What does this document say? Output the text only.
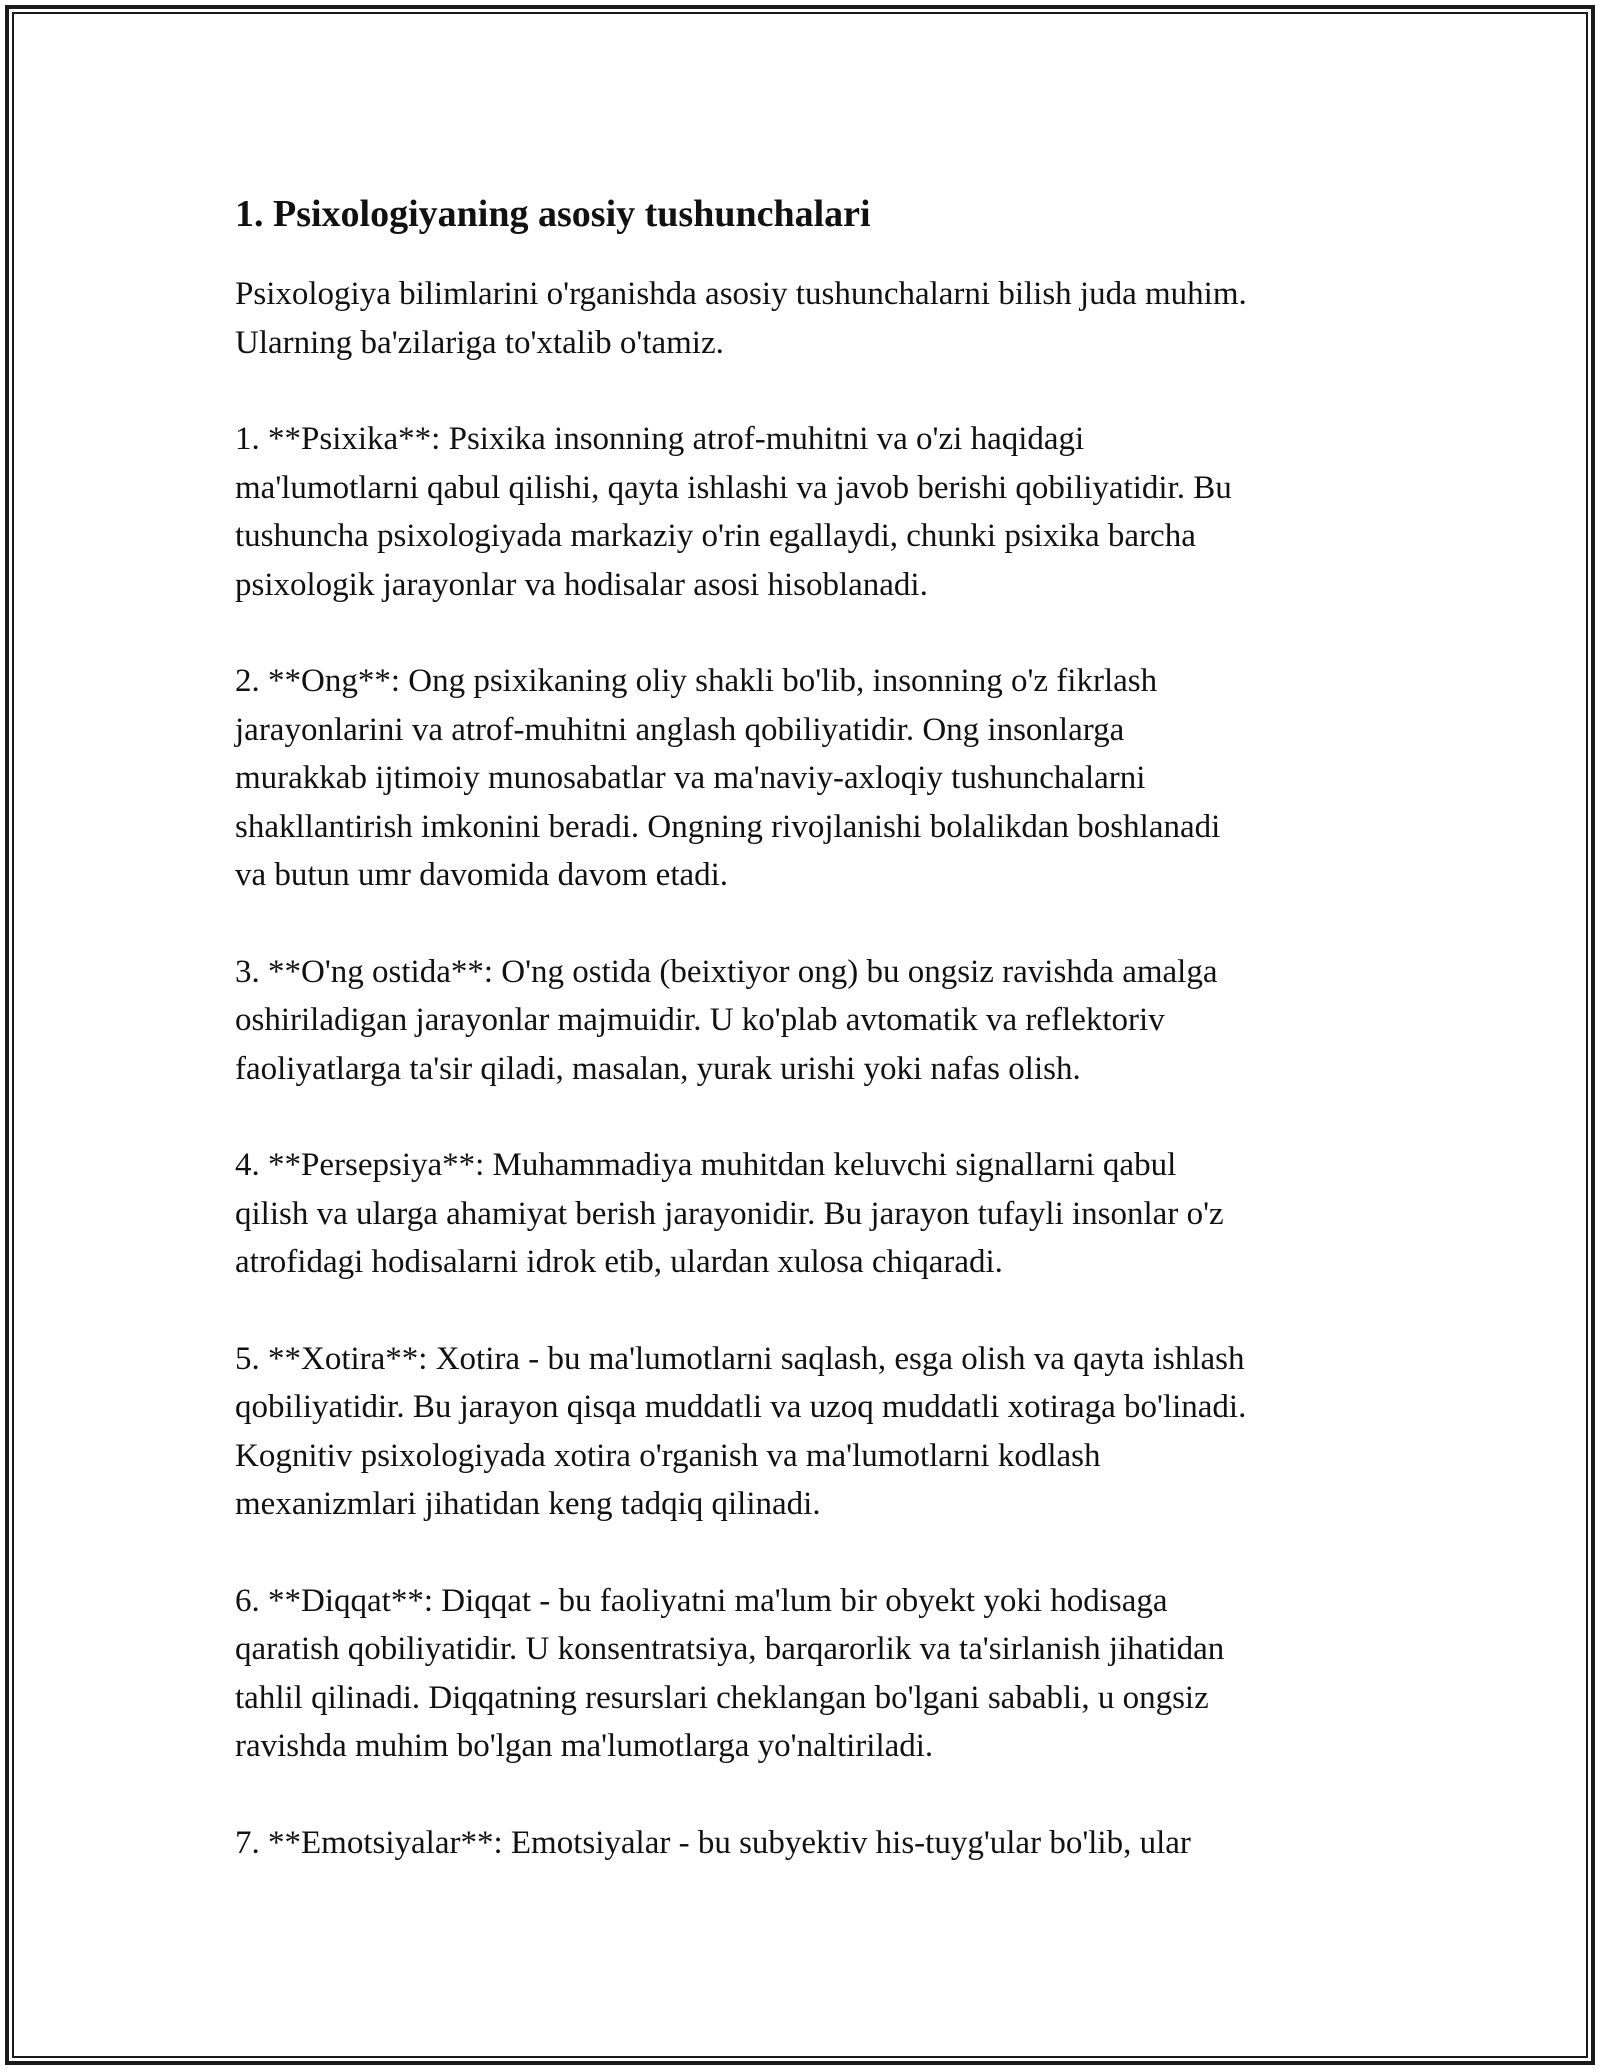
1. Psixologiyaning asosiy tushunchalari

Psixologiya bilimlarini o'rganishda asosiy tushunchalarni bilish juda muhim.
Ularning ba'zilariga to'xtalib o'tamiz.

1. **Psixika**: Psixika insonning atrof-muhitni va o'zi haqidagi
ma'lumotlarni qabul qilishi, qayta ishlashi va javob berishi qobiliyatidir. Bu
tushuncha psixologiyada markaziy o'rin egallaydi, chunki psixika barcha
psixologik jarayonlar va hodisalar asosi hisoblanadi.

2. **Ong**: Ong psixikaning oliy shakli bo'lib, insonning o'z fikrlash
jarayonlarini va atrof-muhitni anglash qobiliyatidir. Ong insonlarga
murakkab ijtimoiy munosabatlar va ma'naviy-axloqiy tushunchalarni
shakllantirish imkonini beradi. Ongning rivojlanishi bolalikdan boshlanadi
va butun umr davomida davom etadi.

3. **O'ng ostida**: O'ng ostida (beixtiyor ong) bu ongsiz ravishda amalga
oshiriladigan jarayonlar majmuidir. U ko'plab avtomatik va reflektoriv
faoliyatlarga ta'sir qiladi, masalan, yurak urishi yoki nafas olish.

4. **Persepsiya**: Muhammadiya muhitdan keluvchi signallarni qabul
qilish va ularga ahamiyat berish jarayonidir. Bu jarayon tufayli insonlar o'z
atrofidagi hodisalarni idrok etib, ulardan xulosa chiqaradi.

5. **Xotira**: Xotira - bu ma'lumotlarni saqlash, esga olish va qayta ishlash
qobiliyatidir. Bu jarayon qisqa muddatli va uzoq muddatli xotiraga bo'linadi.
Kognitiv psixologiyada xotira o'rganish va ma'lumotlarni kodlash
mexanizmlari jihatidan keng tadqiq qilinadi.

6. **Diqqat**: Diqqat - bu faoliyatni ma'lum bir obyekt yoki hodisaga
qaratish qobiliyatidir. U konsentratsiya, barqarorlik va ta'sirlanish jihatidan
tahlil qilinadi. Diqqatning resurslari cheklangan bo'lgani sababli, u ongsiz
ravishda muhim bo'lgan ma'lumotlarga yo'naltiriladi.

7. **Emotsiyalar**: Emotsiyalar - bu subyektiv his-tuyg'ular bo'lib, ular
